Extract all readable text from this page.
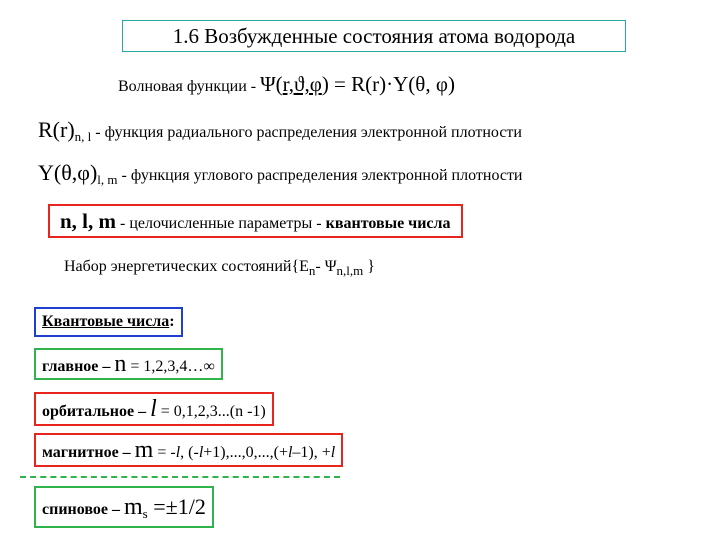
1.6 Возбужденные состояния атома водорода
Волновая функции - Ψ(r,ϑ,φ) = R(r)·Y(θ, φ)
$R(r)_{n, l}$ - функция радиального распределения электронной плотности
$Y(\theta,\varphi)_{l, m}$ - функция углового распределения электронной плотности
n, l, m - целочисленные параметры - квантовые числа
Набор энергетических $состояний\{E_n-$ $\Psi_{n,l,m}$ }
Квантовые числа:
главное – n = 1,2,3,4…∞
орбитальное – l = 0,1,2,3...(n -1)
магнитное – m = -l, (-l+1),...,0,...,(+l–1), +l
спиновое – $m_s =\pm 1/2$
